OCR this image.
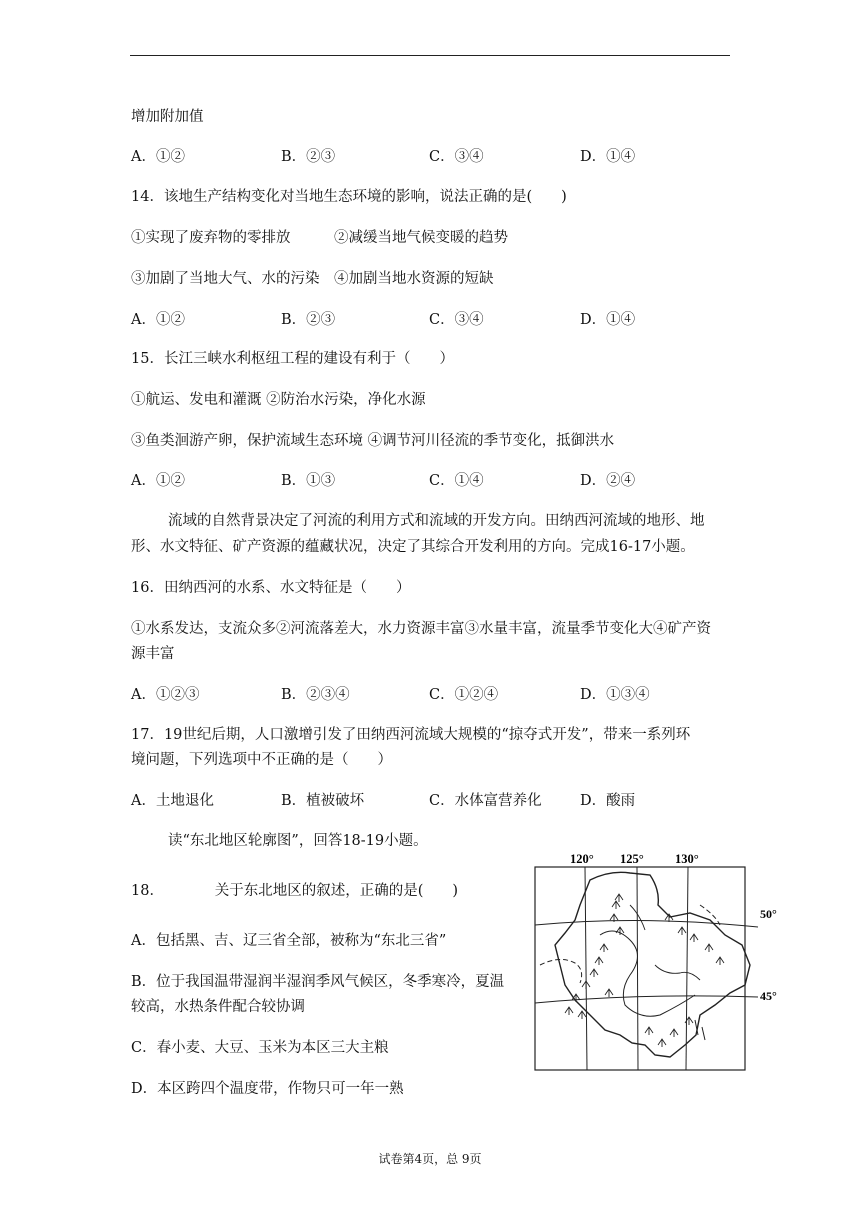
增加附加值
A．①②	B．②③	C．③④	D．①④
14．该地生产结构变化对当地生态环境的影响，说法正确的是(　　)
①实现了废弃物的零排放　　　②减缓当地气候变暖的趋势
③加剧了当地大气、水的污染　④加剧当地水资源的短缺
A．①②	B．②③	C．③④	D．①④
15．长江三峡水利枢纽工程的建设有利于（　　）
①航运、发电和灌溉 ②防治水污染，净化水源
③鱼类洄游产卵，保护流域生态环境 ④调节河川径流的季节变化，抵御洪水
A．①②	B．①③	C．①④	D．②④
流域的自然背景决定了河流的利用方式和流域的开发方向。田纳西河流域的地形、地
形、水文特征、矿产资源的蕴藏状况，决定了其综合开发利用的方向。完成16-17小题。
16．田纳西河的水系、水文特征是（　　）
①水系发达，支流众多②河流落差大，水力资源丰富③水量丰富，流量季节变化大④矿产资
源丰富
A．①②③	B．②③④	C．①②④	D．①③④
17．19世纪后期，人口激增引发了田纳西河流域大规模的“掠夺式开发”，带来一系列环
境问题，下列选项中不正确的是（　　）
A．土地退化	B．植被破坏	C．水体富营养化	D．酸雨
读“东北地区轮廓图”，回答18-19小题。
18．　　　　关于东北地区的叙述，正确的是(　　)
A．包括黑、吉、辽三省全部，被称为“东北三省”
B．位于我国温带湿润半湿润季风气候区，冬季寒冷，夏温
较高，水热条件配合较协调
C．春小麦、大豆、玉米为本区三大主粮
D．本区跨四个温度带，作物只可一年一熟
120° 125°	130°
50°
45°
试卷第4页，总 9页
